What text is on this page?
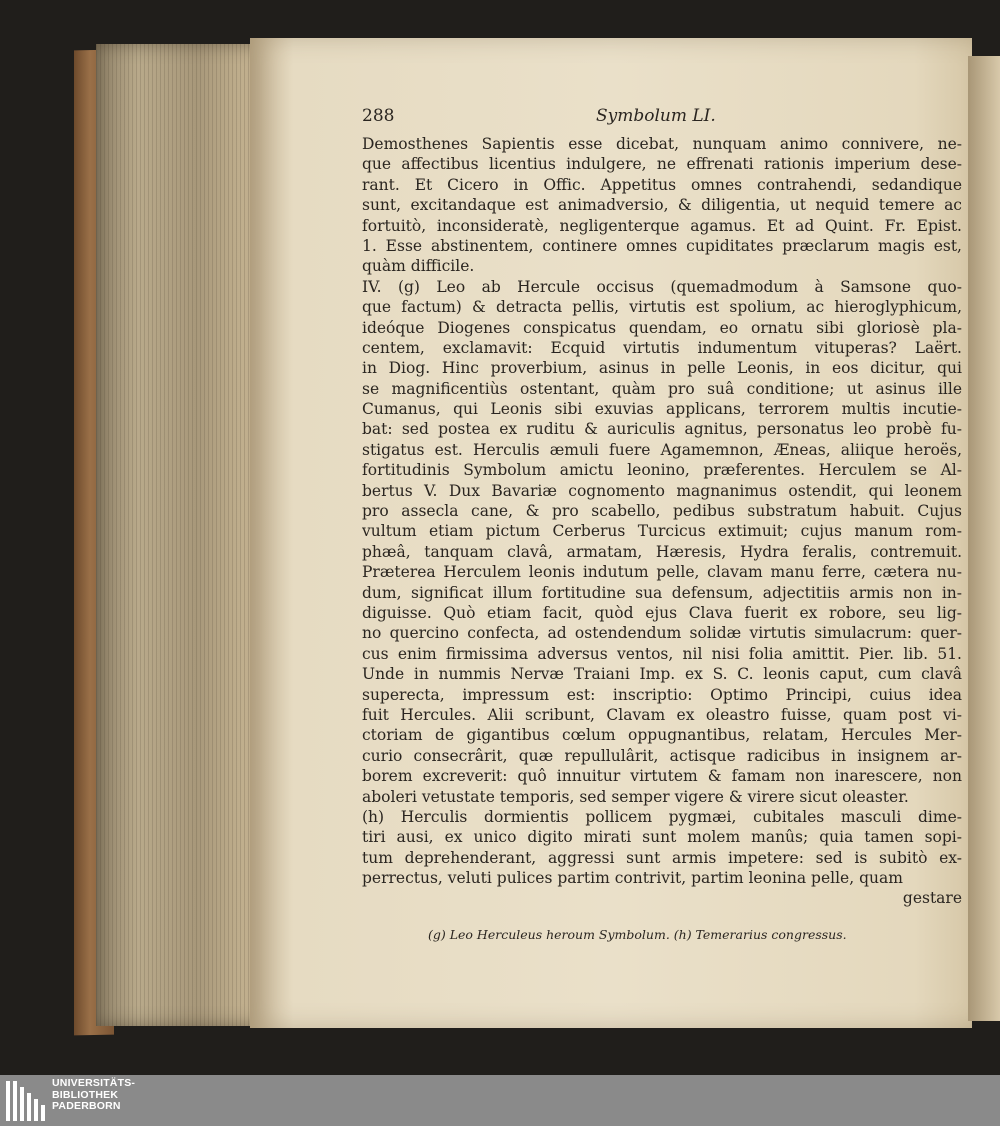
288	Symbolum LI.
Demosthenes Sapientis esse dicebat, nunquam animo connivere, ne-
que affectibus licentius indulgere, ne effrenati rationis imperium dese-
rant. Et Cicero in Offic. Appetitus omnes contrahendi, sedandique
sunt, excitandaque est animadversio, & diligentia, ut nequid temere ac
fortuitò, inconsideratè, negligenterque agamus. Et ad Quint. Fr. Epist.
1. Esse abstinentem, continere omnes cupiditates præclarum magis est,
quàm difficile.
IV. (g) Leo ab Hercule occisus (quemadmodum à Samsone quo-
que factum) & detracta pellis, virtutis est spolium, ac hieroglyphicum,
ideóque Diogenes conspicatus quendam, eo ornatu sibi gloriosè pla-
centem, exclamavit: Ecquid virtutis indumentum vituperas? Laërt.
in Diog. Hinc proverbium, asinus in pelle Leonis, in eos dicitur, qui
se magnificentiùs ostentant, quàm pro suâ conditione; ut asinus ille
Cumanus, qui Leonis sibi exuvias applicans, terrorem multis incutie-
bat: sed postea ex ruditu & auriculis agnitus, personatus leo probè fu-
stigatus est. Herculis æmuli fuere Agamemnon, Æneas, aliique heroës,
fortitudinis Symbolum amictu leonino, præferentes. Herculem se Al-
bertus V. Dux Bavariæ cognomento magnanimus ostendit, qui leonem
pro assecla cane, & pro scabello, pedibus substratum habuit. Cujus
vultum etiam pictum Cerberus Turcicus extimuit; cujus manum rom-
phæâ, tanquam clavâ, armatam, Hæresis, Hydra feralis, contremuit.
Præterea Herculem leonis indutum pelle, clavam manu ferre, cætera nu-
dum, significat illum fortitudine sua defensum, adjectitiis armis non in-
diguisse. Quò etiam facit, quòd ejus Clava fuerit ex robore, seu lig-
no quercino confecta, ad ostendendum solidæ virtutis simulacrum: quer-
cus enim firmissima adversus ventos, nil nisi folia amittit. Pier. lib. 51.
Unde in nummis Nervæ Traiani Imp. ex S. C. leonis caput, cum clavâ
superecta, impressum est: inscriptio: Optimo Principi, cuius idea
fuit Hercules. Alii scribunt, Clavam ex oleastro fuisse, quam post vi-
ctoriam de gigantibus cœlum oppugnantibus, relatam, Hercules Mer-
curio consecrârit, quæ repullulârit, actisque radicibus in insignem ar-
borem excreverit: quô innuitur virtutem & famam non inarescere, non
aboleri vetustate temporis, sed semper vigere & virere sicut oleaster.
(h) Herculis dormientis pollicem pygmæi, cubitales masculi dime-
tiri ausi, ex unico digito mirati sunt molem manûs; quia tamen sopi-
tum deprehenderant, aggressi sunt armis impetere: sed is subitò ex-
perrectus, veluti pulices partim contrivit, partim leonina pelle, quam
gestare
(g) Leo Herculeus heroum Symbolum. (h) Temerarius congressus.
UNIVERSITÄTS-
BIBLIOTHEK
PADERBORN
